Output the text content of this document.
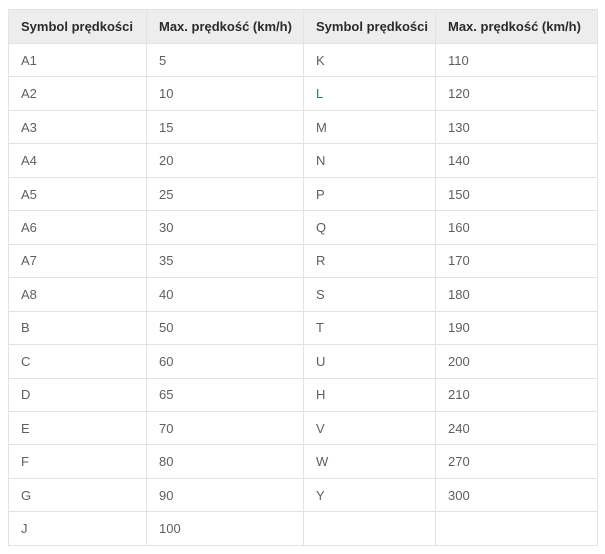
Symbol prędkości	Max. prędkość (km/h)	Symbol prędkości	Max. prędkość (km/h)
A1	5	K	110
A2	10	L	120
A3	15	M	130
A4	20	N	140
A5	25	P	150
A6	30	Q	160
A7	35	R	170
A8	40	S	180
B	50	T	190
C	60	U	200
D	65	H	210
E	70	V	240
F	80	W	270
G	90	Y	300
J	100		
